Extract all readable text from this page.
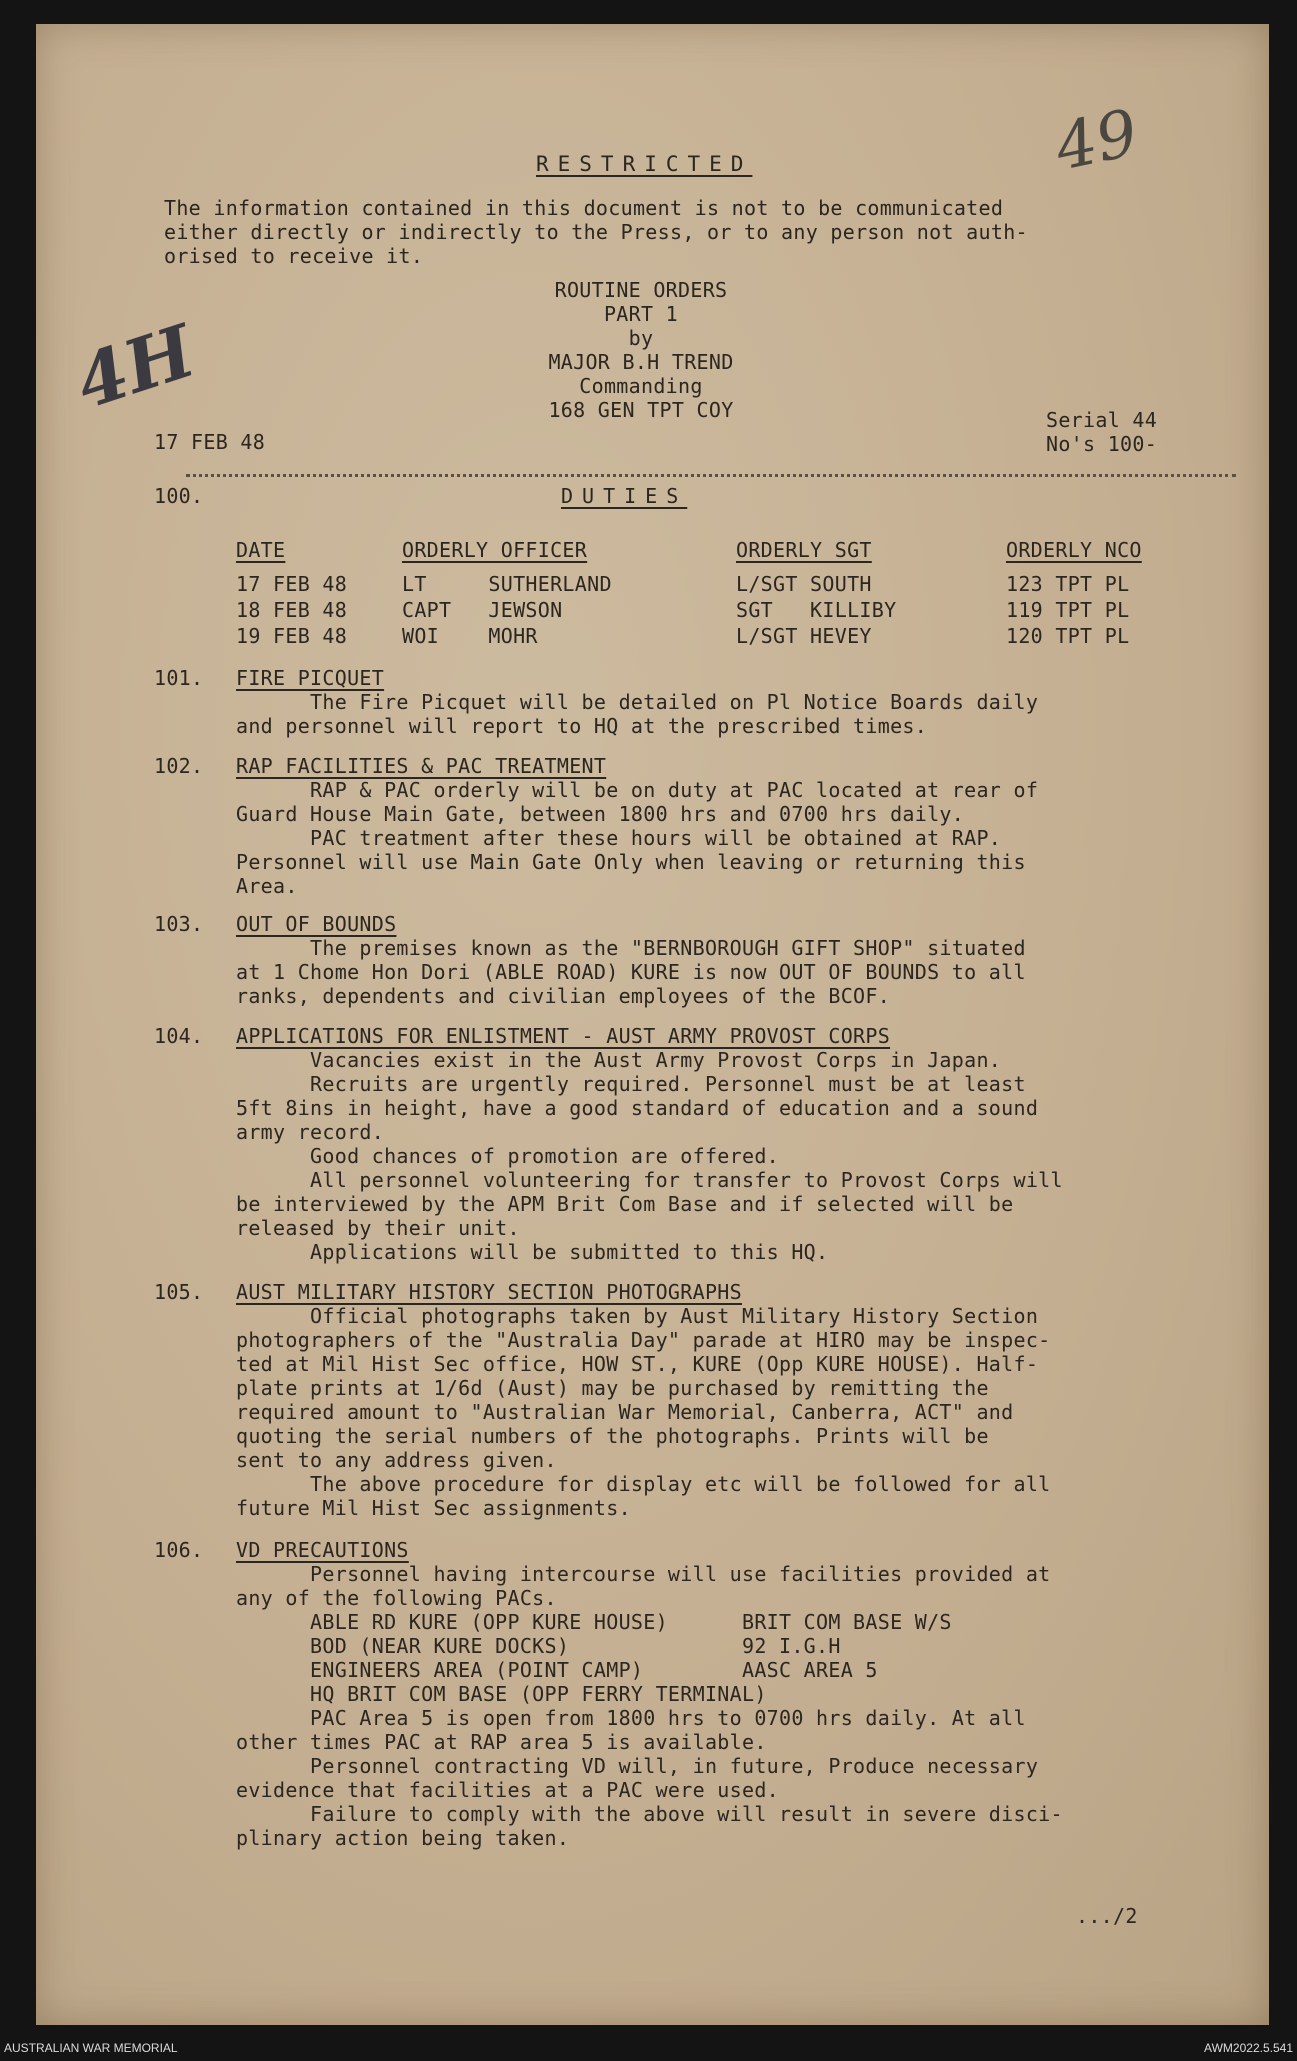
RESTRICTED
The information contained in this document is not to be communicated
either directly or indirectly to the Press, or to any person not auth-
orised to receive it.
ROUTINE ORDERS
PART 1
by
MAJOR B.H TREND
Commanding
168 GEN TPT COY
17 FEB 48
Serial 44
No's 100-
49
4H
100.	DUTIES
DATE	ORDERLY OFFICER	ORDERLY SGT	ORDERLY NCO
17 FEB 48	LT     SUTHERLAND	L/SGT SOUTH	123 TPT PL
18 FEB 48	CAPT   JEWSON	SGT   KILLIBY	119 TPT PL
19 FEB 48	WOI    MOHR	L/SGT HEVEY	120 TPT PL
101. FIRE PICQUET
The Fire Picquet will be detailed on Pl Notice Boards daily
and personnel will report to HQ at the prescribed times.
102. RAP FACILITIES & PAC TREATMENT
RAP & PAC orderly will be on duty at PAC located at rear of
Guard House Main Gate, between 1800 hrs and 0700 hrs daily.
PAC treatment after these hours will be obtained at RAP.
Personnel will use Main Gate Only when leaving or returning this
Area.
103. OUT OF BOUNDS
The premises known as the "BERNBOROUGH GIFT SHOP" situated
at 1 Chome Hon Dori (ABLE ROAD) KURE is now OUT OF BOUNDS to all
ranks, dependents and civilian employees of the BCOF.
104. APPLICATIONS FOR ENLISTMENT - AUST ARMY PROVOST CORPS
Vacancies exist in the Aust Army Provost Corps in Japan.
Recruits are urgently required. Personnel must be at least
5ft 8ins in height, have a good standard of education and a sound
army record.
Good chances of promotion are offered.
All personnel volunteering for transfer to Provost Corps will
be interviewed by the APM Brit Com Base and if selected will be
released by their unit.
Applications will be submitted to this HQ.
105. AUST MILITARY HISTORY SECTION PHOTOGRAPHS
Official photographs taken by Aust Military History Section
photographers of the "Australia Day" parade at HIRO may be inspec-
ted at Mil Hist Sec office, HOW ST., KURE (Opp KURE HOUSE). Half-
plate prints at 1/6d (Aust) may be purchased by remitting the
required amount to "Australian War Memorial, Canberra, ACT" and
quoting the serial numbers of the photographs. Prints will be
sent to any address given.
The above procedure for display etc will be followed for all
future Mil Hist Sec assignments.
106. VD PRECAUTIONS
Personnel having intercourse will use facilities provided at
any of the following PACs.
ABLE RD KURE (OPP KURE HOUSE)      BRIT COM BASE W/S
BOD (NEAR KURE DOCKS)              92 I.G.H
ENGINEERS AREA (POINT CAMP)        AASC AREA 5
HQ BRIT COM BASE (OPP FERRY TERMINAL)
PAC Area 5 is open from 1800 hrs to 0700 hrs daily. At all
other times PAC at RAP area 5 is available.
Personnel contracting VD will, in future, Produce necessary
evidence that facilities at a PAC were used.
Failure to comply with the above will result in severe disci-
plinary action being taken.
.../2
AUSTRALIAN WAR MEMORIAL	AWM2022.5.541
